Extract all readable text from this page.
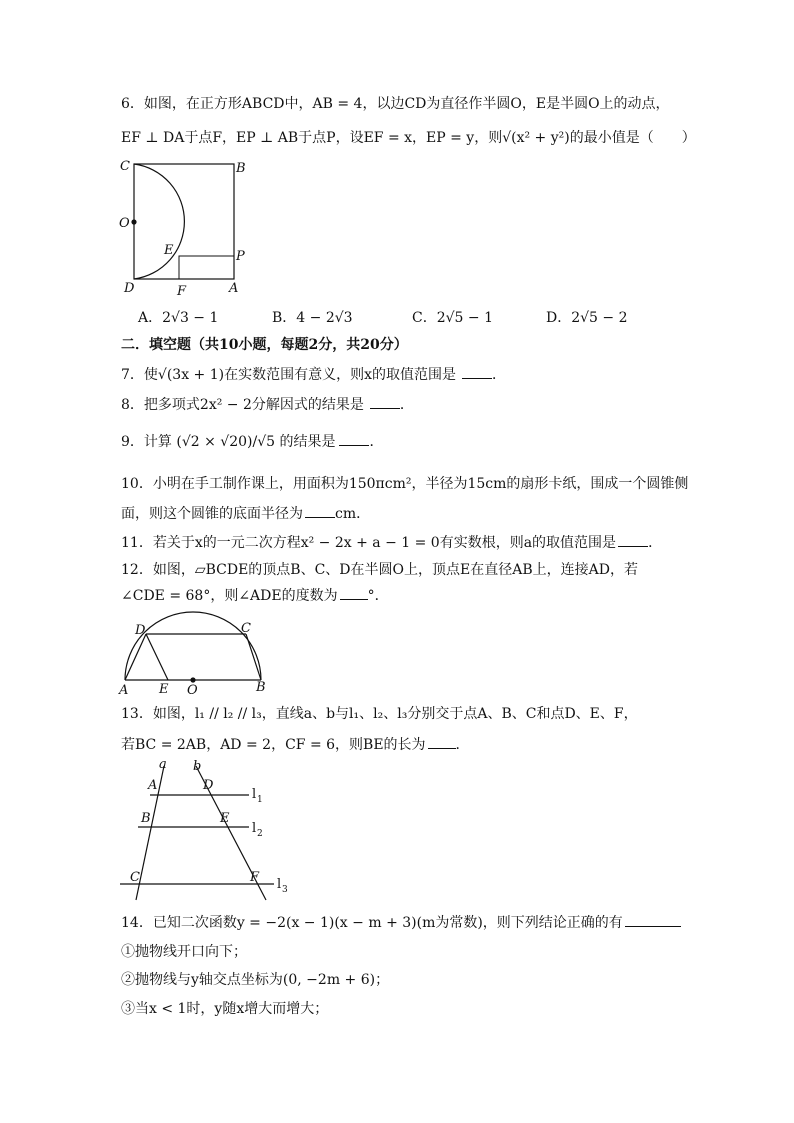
6．如图，在正方形ABCD中，AB = 4，以边CD为直径作半圆O，E是半圆O上的动点，
EF ⊥ DA于点F，EP ⊥ AB于点P，设EF = x，EP = y，则√(x² + y²)的最小值是（　　）
C	B
O
E	P
D	F	A
A．2√3 − 1	B．4 − 2√3	C．2√5 − 1	D．2√5 − 2
二．填空题（共10小题，每题2分，共20分）
7．使√(3x + 1)在实数范围有意义，则x的取值范围是	．
8．把多项式2x² − 2分解因式的结果是	．
9．计算 (√2 × √20)/√5 的结果是 ．
10．小明在手工制作课上，用面积为150πcm²，半径为15cm的扇形卡纸，围成一个圆锥侧
面，则这个圆锥的底面半径为 cm．
11．若关于x的一元二次方程x² − 2x + a − 1 = 0有实数根，则a的取值范围是 ．
12．如图，▱BCDE的顶点B、C、D在半圆O上，顶点E在直径AB上，连接AD，若
∠CDE = 68°，则∠ADE的度数为 °．
D	C
A E O	B
13．如图，l₁ // l₂ // l₃，直线a、b与l₁、l₂、l₃分别交于点A、B、C和点D、E、F，
若BC = 2AB，AD = 2，CF = 6，则BE的长为 ．
a b
A	D
B	E
C	F
l 1
l 2
l 3
14．已知二次函数y = −2(x − 1)(x − m + 3)(m为常数)，则下列结论正确的有
①抛物线开口向下；
②抛物线与y轴交点坐标为(0, −2m + 6)；
③当x < 1时，y随x增大而增大；
